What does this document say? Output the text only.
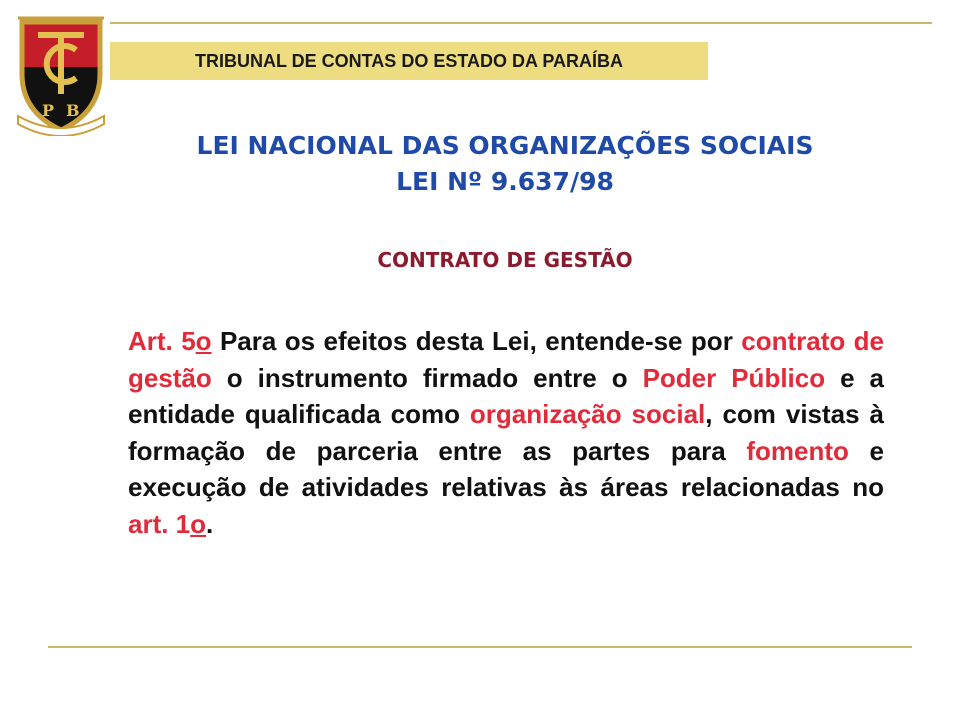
P B
TRIBUNAL DE CONTAS DO ESTADO DA PARAÍBA
LEI NACIONAL DAS ORGANIZAÇÕES SOCIAIS
LEI Nº 9.637/98
CONTRATO DE GESTÃO
Art. 5o Para os efeitos desta Lei, entende-se por contrato de gestão o instrumento firmado entre o Poder Público e a entidade qualificada como organização social, com vistas à formação de parceria entre as partes para fomento e execução de atividades relativas às áreas relacionadas no art. 1o.
